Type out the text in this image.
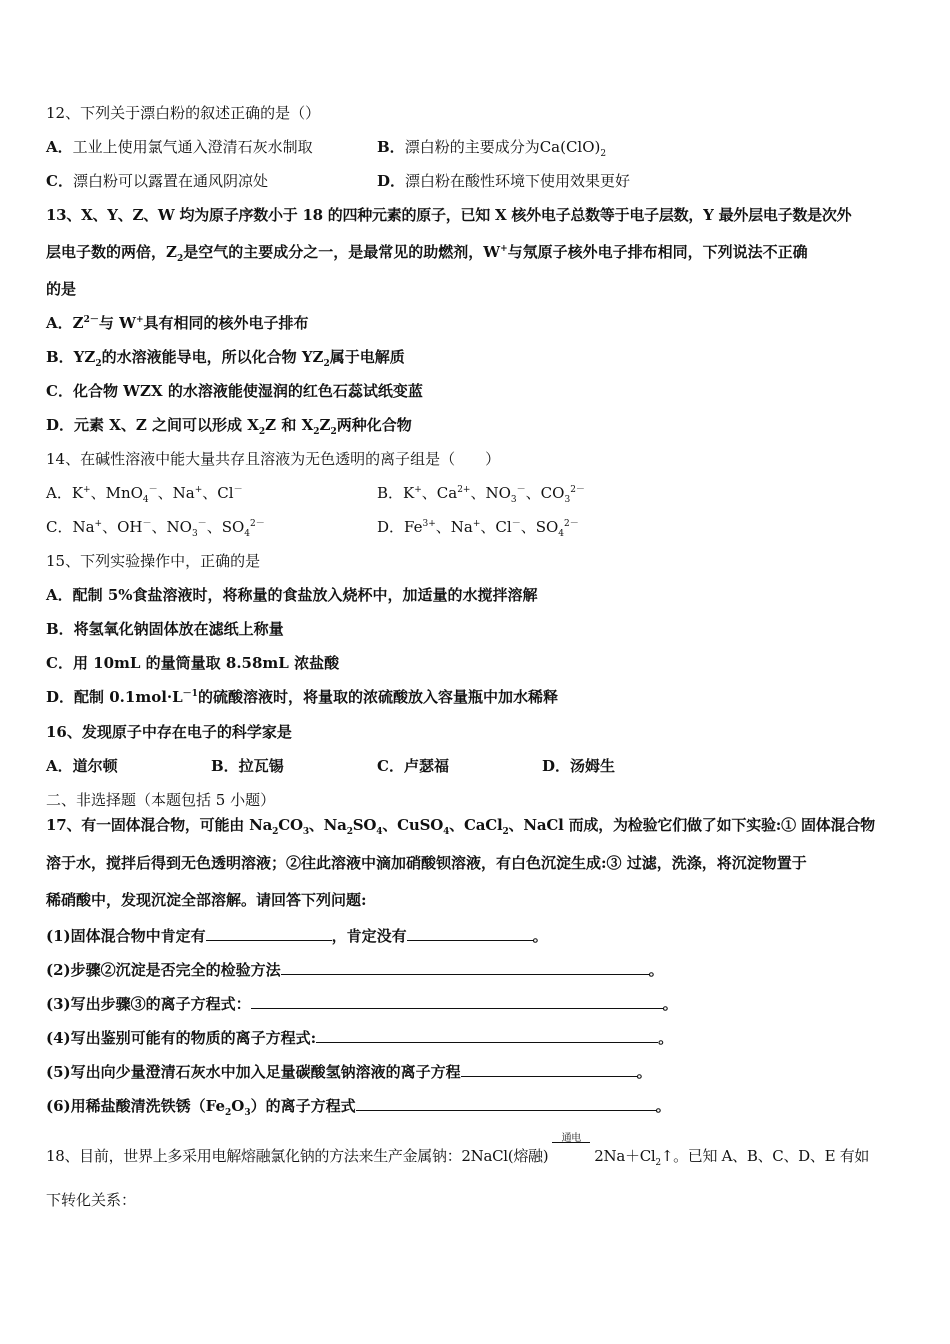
12、下列关于漂白粉的叙述正确的是（）
A．工业上使用氯气通入澄清石灰水制取	B．漂白粉的主要成分为$Ca(ClO)_2$
C．漂白粉可以露置在通风阴凉处	D．漂白粉在酸性环境下使用效果更好
13、X、Y、Z、W 均为原子序数小于 18 的四种元素的原子，已知 X 核外电子总数等于电子层数，Y 最外层电子数是次外
层电子数的两倍，$Z_2$是空气的主要成分之一，是最常见的助燃剂，W+与氖原子核外电子排布相同，下列说法不正确
的是
A．$Z^{2-}$与 W+具有相同的核外电子排布
B．$YZ_2$的水溶液能导电，所以化合物 $YZ_2$属于电解质
C．化合物 WZX 的水溶液能使湿润的红色石蕊试纸变蓝
D．元素 X、Z 之间可以形成 $X_2Z$ 和 $X_2Z_2$两种化合物
14、在碱性溶液中能大量共存且溶液为无色透明的离子组是（　　）
A．K+、MnO$_4$－、Na+、Cl－	B．K+、$Ca^{2+}$、$NO_3^-$、$CO_3^{2-}$
C．Na+、OH－、$NO_3^-$、$SO_4^{2-}$	D．$Fe^{3+}$、Na+、Cl－、$SO_4^{2-}$
15、下列实验操作中，正确的是
A．配制 5%食盐溶液时，将称量的食盐放入烧杯中，加适量的水搅拌溶解
B．将氢氧化钠固体放在滤纸上称量
C．用 10mL 的量筒量取 8.58mL 浓盐酸
D．配制 $0.1mol\cdot L^{-1}$的硫酸溶液时，将量取的浓硫酸放入容量瓶中加水稀释
16、发现原子中存在电子的科学家是
A．道尔顿	B．拉瓦锡	C．卢瑟福	D．汤姆生
二、非选择题（本题包括 5 小题）
17、有一固体混合物，可能由 $Na_2CO_3$、$Na_2SO_4$、CuSO$_4$、CaCl$_2$、NaCl 而成，为检验它们做了如下实验:① 固体混合物
溶于水，搅拌后得到无色透明溶液；②往此溶液中滴加硝酸钡溶液，有白色沉淀生成:③ 过滤，洗涤，将沉淀物置于
稀硝酸中，发现沉淀全部溶解。请回答下列问题:
(1)固体混合物中肯定有	，肯定没有	。
(2)步骤②沉淀是否完全的检验方法	。
(3)写出步骤③的离子方程式：	。
(4)写出鉴别可能有的物质的离子方程式:	。
(5)写出向少量澄清石灰水中加入足量碳酸氢钠溶液的离子方程	。
(6)用稀盐酸清洗铁锈$(Fe_2O_3)$的离子方程式	。
18、目前，世界上多采用电解熔融氯化钠的方法来生产金属钠：2NaCl(熔融)
通电
$2Na+Cl_2↑$。已知 A、B、C、D、E 有如
下转化关系：
